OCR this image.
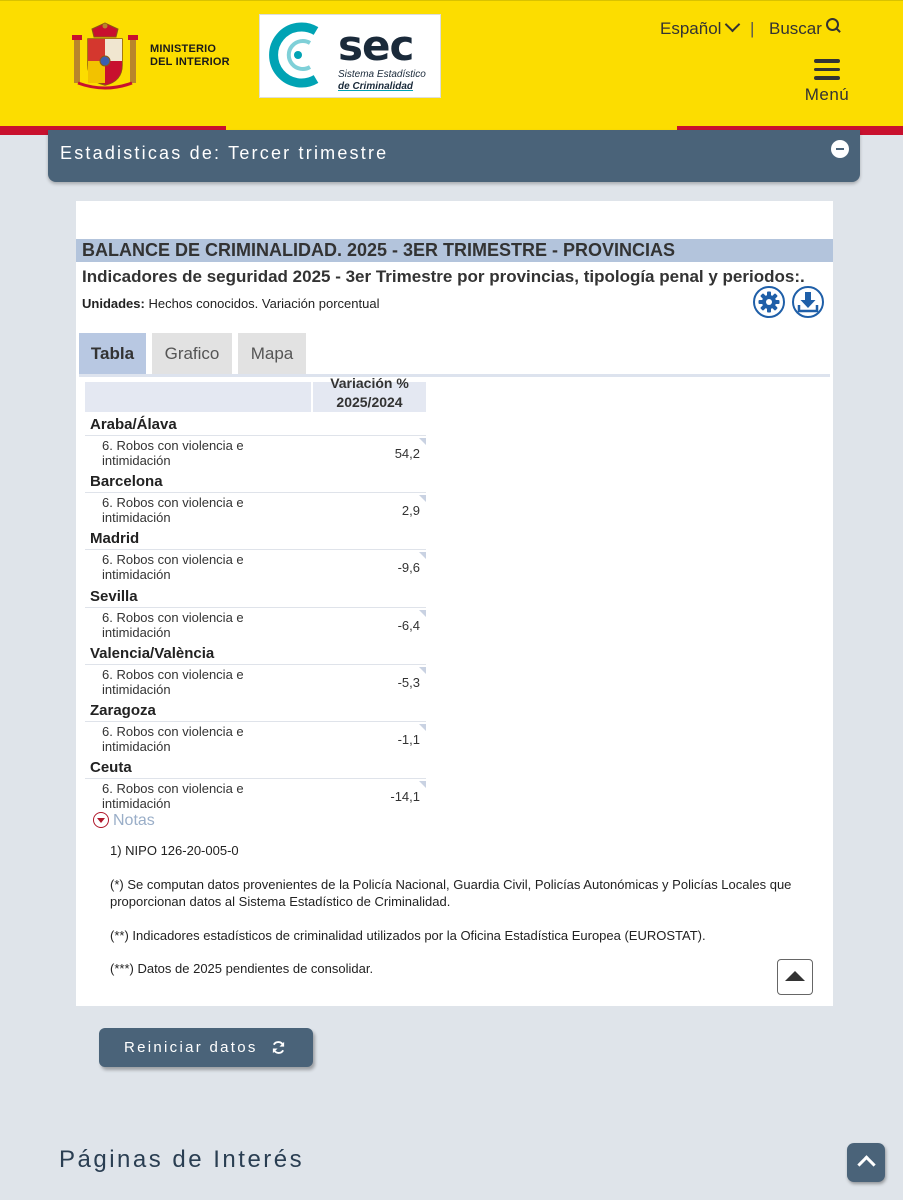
MINISTERIO
DEL INTERIOR	sec
Sistema Estadístico
de Criminalidad
Español	| Buscar
Menú
Estadisticas de: Tercer trimestre
BALANCE DE CRIMINALIDAD. 2025 - 3ER TRIMESTRE - PROVINCIAS
Indicadores de seguridad 2025 - 3er Trimestre por provincias, tipología penal y periodos:.
Unidades: Hechos conocidos. Variación porcentual
Tabla	Grafico	Mapa
Variación %
2025/2024
Araba/Álava
6. Robos con violencia e intimidación	54,2
Barcelona
6. Robos con violencia e intimidación	2,9
Madrid
6. Robos con violencia e intimidación	-9,6
Sevilla
6. Robos con violencia e intimidación	-6,4
Valencia/València
6. Robos con violencia e intimidación	-5,3
Zaragoza
6. Robos con violencia e intimidación	-1,1
Ceuta
6. Robos con violencia e intimidación	-14,1
Notas
1) NIPO 126-20-005-0
(*) Se computan datos provenientes de la Policía Nacional, Guardia Civil, Policías Autonómicas y Policías Locales que proporcionan datos al Sistema Estadístico de Criminalidad.
(**) Indicadores estadísticos de criminalidad utilizados por la Oficina Estadística Europea (EUROSTAT).
(***) Datos de 2025 pendientes de consolidar.
Reiniciar datos
Páginas de Interés
